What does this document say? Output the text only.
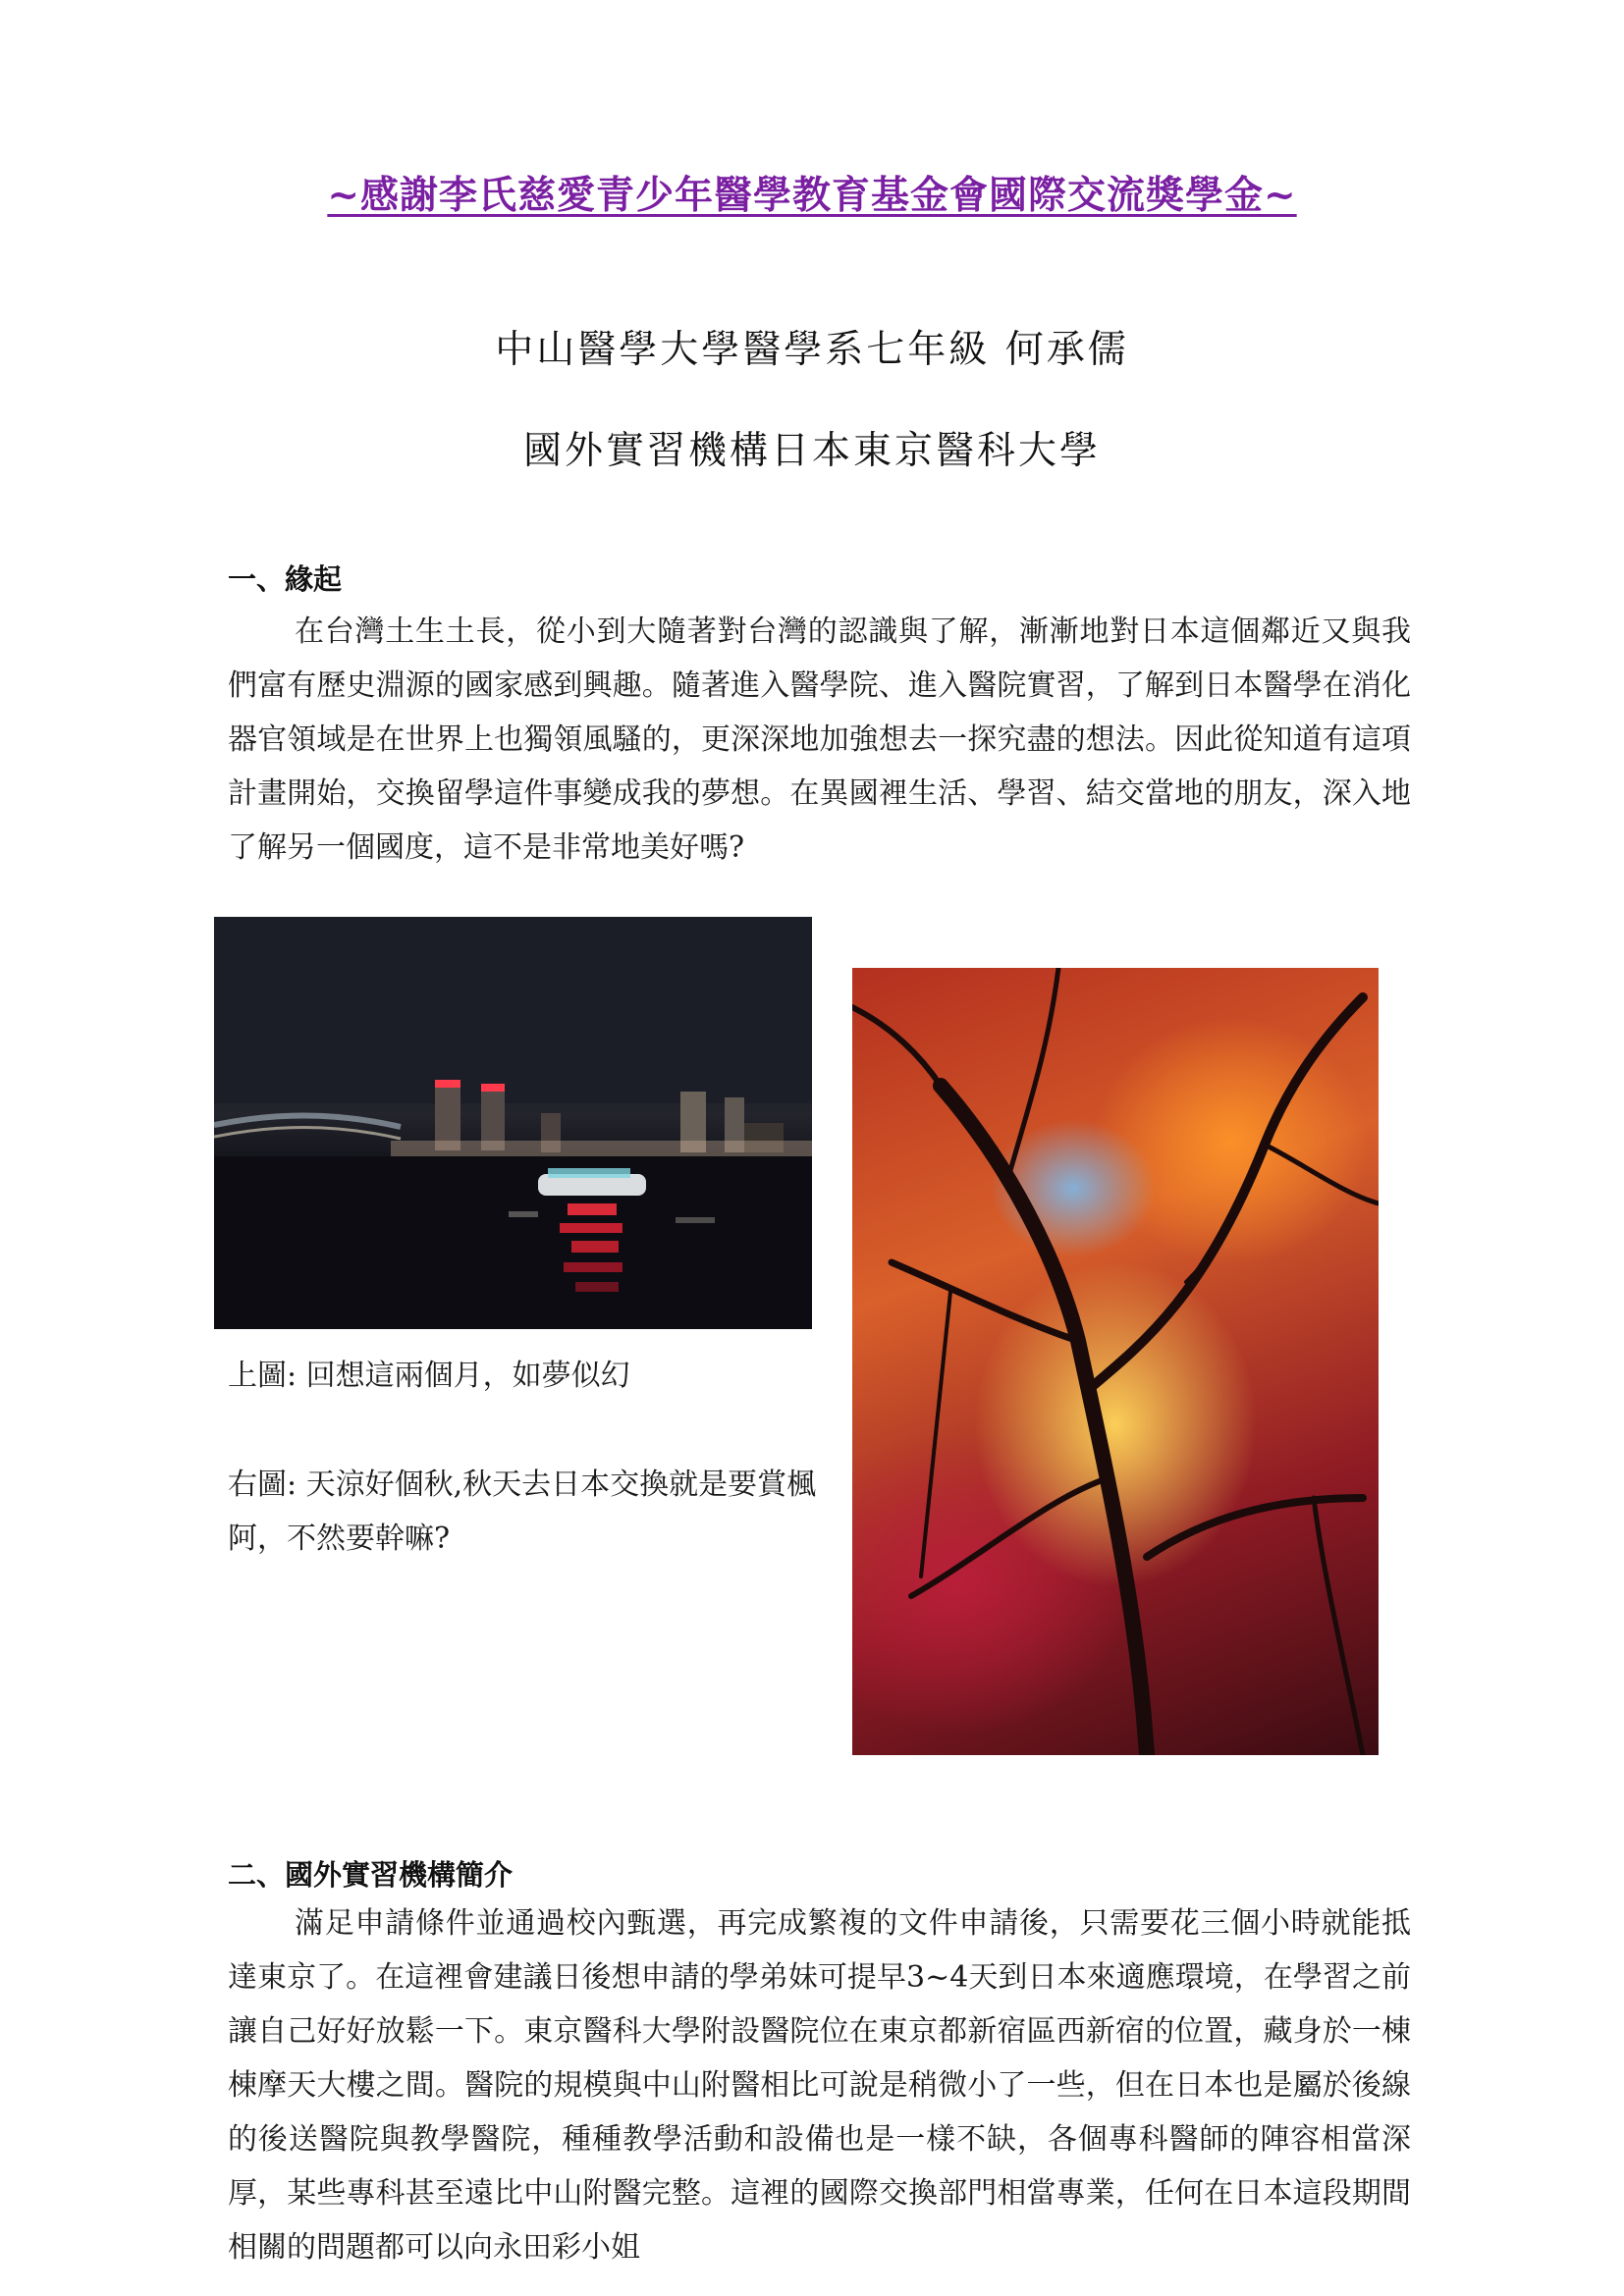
~感謝李氏慈愛青少年醫學教育基金會國際交流獎學金~
中山醫學大學醫學系七年級 何承儒
國外實習機構日本東京醫科大學
一、緣起

在台灣土生土長，從小到大隨著對台灣的認識與了解，漸漸地對日本這個鄰近又與我們富有歷史淵源的國家感到興趣。隨著進入醫學院、進入醫院實習，了解到日本醫學在消化器官領域是在世界上也獨領風騷的，更深深地加強想去一探究盡的想法。因此從知道有這項計畫開始，交換留學這件事變成我的夢想。在異國裡生活、學習、結交當地的朋友，深入地了解另一個國度，這不是非常地美好嗎?

上圖: 回想這兩個月，如夢似幻
右圖: 天涼好個秋,秋天去日本交換就是要賞楓阿，不然要幹嘛?
二、國外實習機構簡介

滿足申請條件並通過校內甄選，再完成繁複的文件申請後，只需要花三個小時就能抵達東京了。在這裡會建議日後想申請的學弟妹可提早3~4天到日本來適應環境，在學習之前讓自己好好放鬆一下。東京醫科大學附設醫院位在東京都新宿區西新宿的位置，藏身於一棟棟摩天大樓之間。醫院的規模與中山附醫相比可說是稍微小了一些，但在日本也是屬於後線的後送醫院與教學醫院，種種教學活動和設備也是一樣不缺，各個專科醫師的陣容相當深厚，某些專科甚至遠比中山附醫完整。這裡的國際交換部門相當專業，任何在日本這段期間相關的問題都可以向永田彩小姐
